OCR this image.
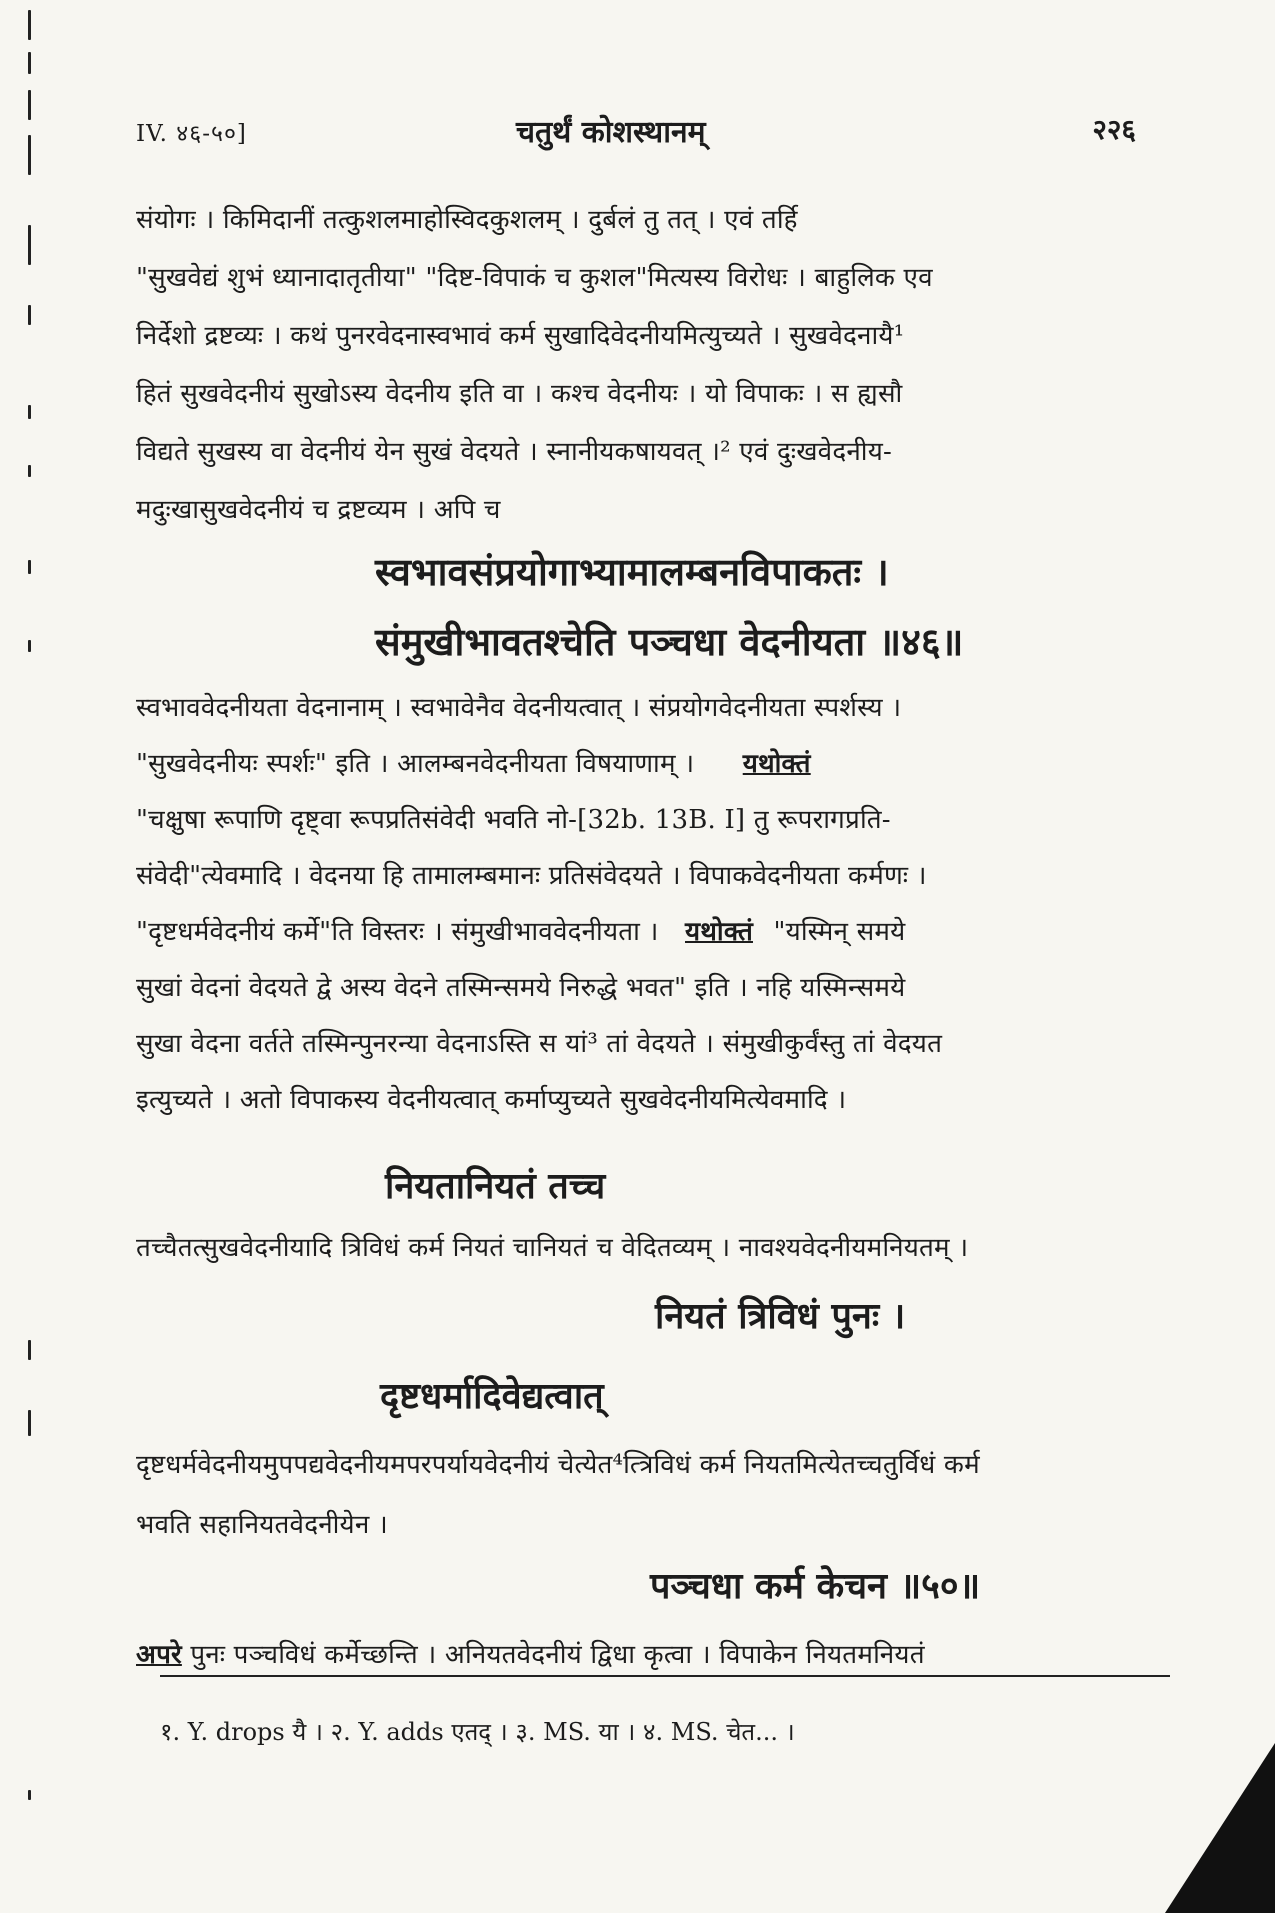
IV. ४६-५०]	चतुर्थं कोशस्थानम्	२२६
संयोगः । किमिदानीं तत्कुशलमाहोस्विदकुशलम् । दुर्बलं तु तत् । एवं तर्हि
"सुखवेद्यं शुभं ध्यानादातृतीया" "दिष्ट-विपाकं च कुशल"मित्यस्य विरोधः । बाहुलिक एव
निर्देशो द्रष्टव्यः । कथं पुनरवेदनास्वभावं कर्म सुखादिवेदनीयमित्युच्यते । सुखवेदनायै¹
हितं सुखवेदनीयं सुखोऽस्य वेदनीय इति वा । कश्च वेदनीयः । यो विपाकः । स ह्यसौ
विद्यते सुखस्य वा वेदनीयं येन सुखं वेदयते । स्नानीयकषायवत् ।² एवं दुःखवेदनीय-
मदुःखासुखवेदनीयं च द्रष्टव्यम । अपि च
स्वभावसंप्रयोगाभ्यामालम्बनविपाकतः ।
संमुखीभावतश्चेति पञ्चधा वेदनीयता ॥४६॥
स्वभाववेदनीयता वेदनानाम् । स्वभावेनैव वेदनीयत्वात् । संप्रयोगवेदनीयता स्पर्शस्य ।
"सुखवेदनीयः स्पर्शः" इति । आलम्बनवेदनीयता विषयाणाम् । यथोक्तं
"चक्षुषा रूपाणि दृष्ट्वा रूपप्रतिसंवेदी भवति नो-[32b. 13B. I] तु रूपरागप्रति-
संवेदी"त्येवमादि । वेदनया हि तामालम्बमानः प्रतिसंवेदयते । विपाकवेदनीयता कर्मणः ।
"दृष्टधर्मवेदनीयं कर्मे"ति विस्तरः । संमुखीभाववेदनीयता । यथोक्तं "यस्मिन् समये
सुखां वेदनां वेदयते द्वे अस्य वेदने तस्मिन्समये निरुद्धे भवत" इति । नहि यस्मिन्समये
सुखा वेदना वर्तते तस्मिन्पुनरन्या वेदनाऽस्ति स यां³ तां वेदयते । संमुखीकुर्वंस्तु तां वेदयत
इत्युच्यते । अतो विपाकस्य वेदनीयत्वात् कर्माप्युच्यते सुखवेदनीयमित्येवमादि ।
नियतानियतं तच्च
तच्चैतत्सुखवेदनीयादि त्रिविधं कर्म नियतं चानियतं च वेदितव्यम् । नावश्यवेदनीयमनियतम् ।
नियतं त्रिविधं पुनः ।
दृष्टधर्मादिवेद्यत्वात्
दृष्टधर्मवेदनीयमुपपद्यवेदनीयमपरपर्यायवेदनीयं चेत्येत⁴त्त्रिविधं कर्म नियतमित्येतच्चतुर्विधं कर्म
भवति सहानियतवेदनीयेन ।
पञ्चधा कर्म केचन ॥५०॥
अपरे पुनः पञ्चविधं कर्मेच्छन्ति । अनियतवेदनीयं द्विधा कृत्वा । विपाकेन नियतमनियतं
१. Y. drops यै । २. Y. adds एतद् । ३. MS. या । ४. MS. चेत... ।
